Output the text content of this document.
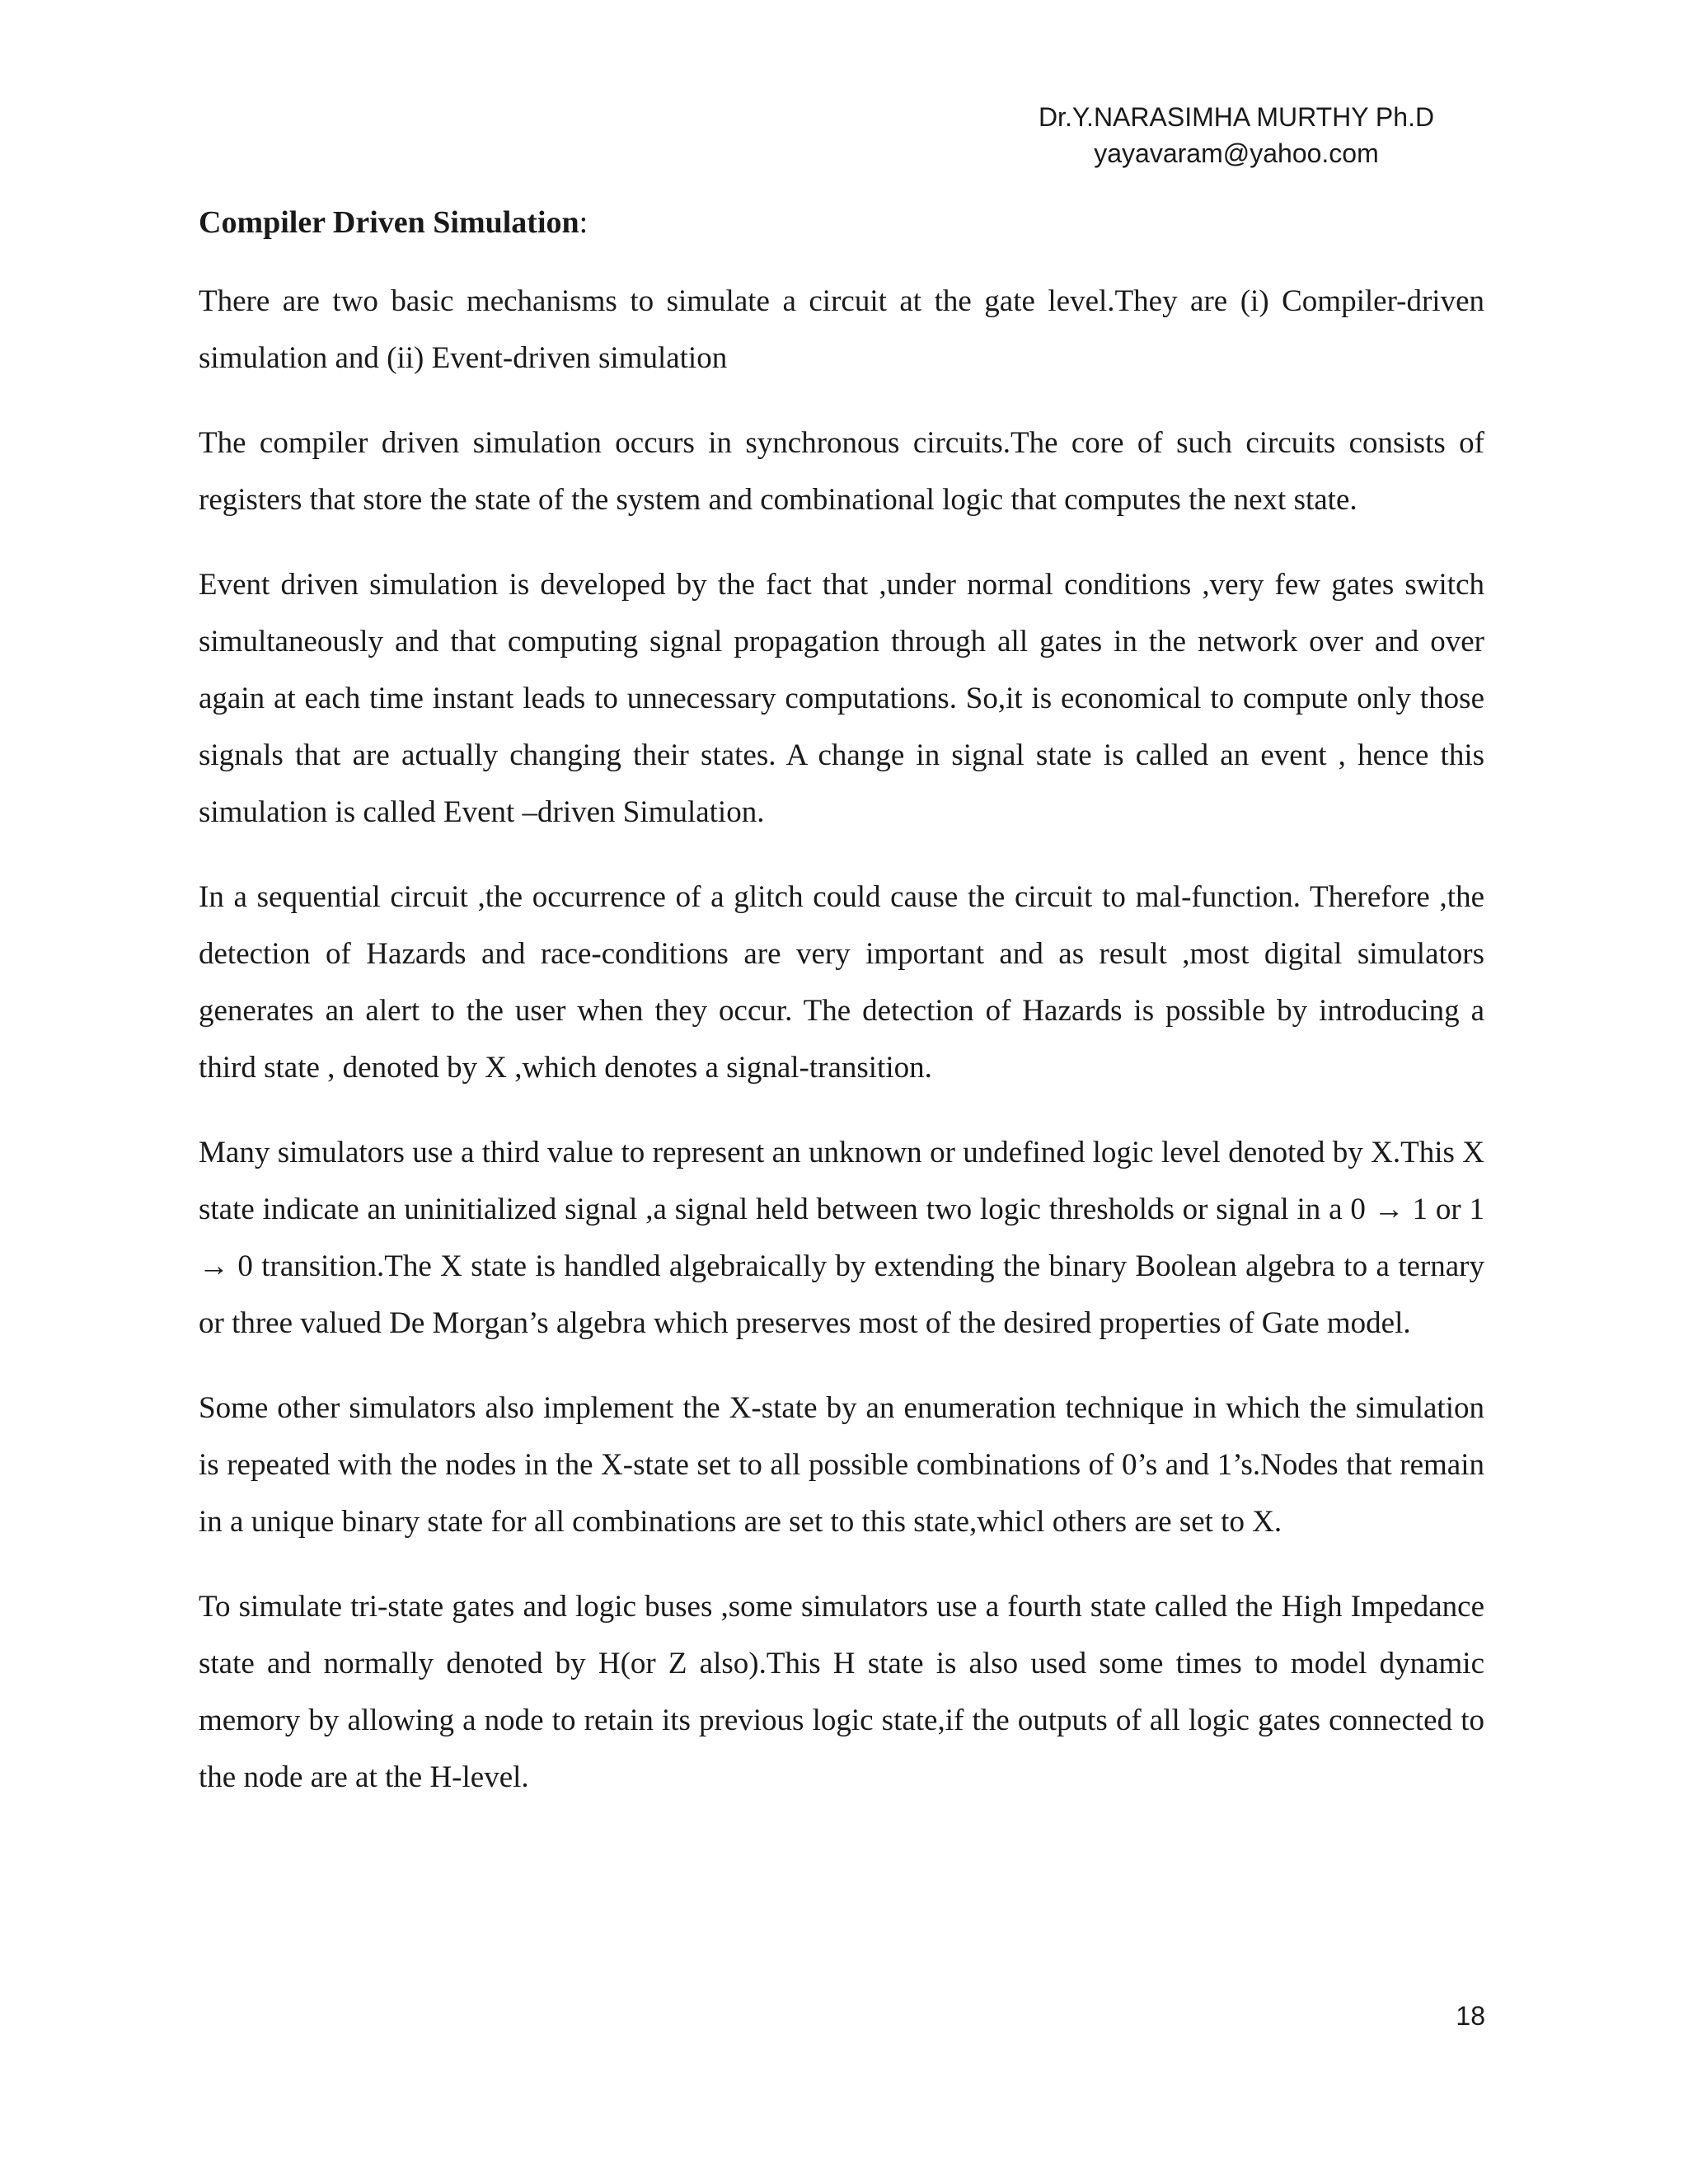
Dr.Y.NARASIMHA MURTHY Ph.D
yayavaram@yahoo.com

Compiler Driven Simulation:

There are two basic mechanisms to simulate a circuit at the gate level.They are (i) Compiler-driven simulation and (ii) Event-driven simulation

The compiler driven simulation occurs in synchronous circuits.The core of such circuits consists of registers that store the state of the system and combinational logic that computes the next state.

Event driven simulation is developed by the fact that ,under normal conditions ,very few gates switch simultaneously and that computing signal propagation through all gates in the network over and over again at each time instant leads to unnecessary computations. So,it is economical to compute only those signals that are actually changing their states. A change in signal state is called an event , hence this simulation is called Event –driven Simulation.

In a sequential circuit ,the occurrence of a glitch could cause the circuit to mal-function. Therefore ,the detection of Hazards and race-conditions are very important and as result ,most digital simulators generates an alert to the user when they occur. The detection of Hazards is possible by introducing a third state , denoted by X ,which denotes a signal-transition.

Many simulators use a third value to represent an unknown or undefined logic level denoted by X.This X state indicate an uninitialized signal ,a signal held between two logic thresholds or signal in a 0 → 1 or 1 → 0 transition.The X state is handled algebraically by extending the binary Boolean algebra to a ternary or three valued De Morgan’s algebra which preserves most of the desired properties of Gate model.

Some other simulators also implement the X-state by an enumeration technique in which the simulation is repeated with the nodes in the X-state set to all possible combinations of 0’s and 1’s.Nodes that remain in a unique binary state for all combinations are set to this state,whicl others are set to X.

To simulate tri-state gates and logic buses ,some simulators use a fourth state called the High Impedance state and normally denoted by H(or Z also).This H state is also used some times to model dynamic memory by allowing a node to retain its previous logic state,if the outputs of all logic gates connected to the node are at the H-level.

18
